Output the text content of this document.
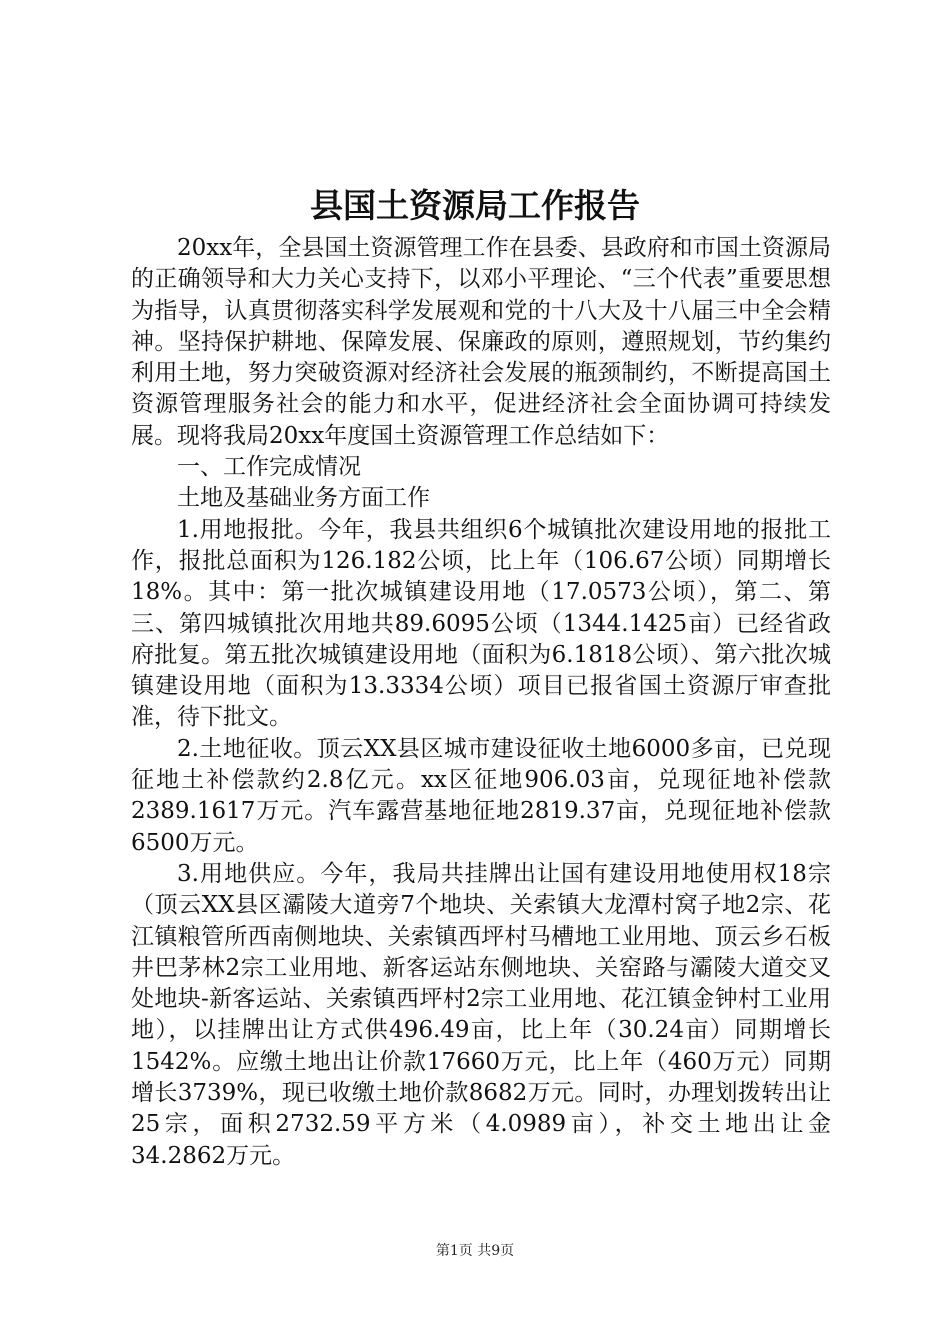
县国土资源局工作报告

20xx年，全县国土资源管理工作在县委、县政府和市国土资源局的正确领导和大力关心支持下，以邓小平理论、“三个代表”重要思想为指导，认真贯彻落实科学发展观和党的十八大及十八届三中全会精神。坚持保护耕地、保障发展、保廉政的原则，遵照规划，节约集约利用土地，努力突破资源对经济社会发展的瓶颈制约，不断提高国土资源管理服务社会的能力和水平，促进经济社会全面协调可持续发展。现将我局20xx年度国土资源管理工作总结如下：

一、工作完成情况

土地及基础业务方面工作

1.用地报批。今年，我县共组织6个城镇批次建设用地的报批工作，报批总面积为126.182公顷，比上年（106.67公顷）同期增长18%。其中：第一批次城镇建设用地（17.0573公顷），第二、第三、第四城镇批次用地共89.6095公顷（1344.1425亩）已经省政府批复。第五批次城镇建设用地（面积为6.1818公顷）、第六批次城镇建设用地（面积为13.3334公顷）项目已报省国土资源厅审查批准，待下批文。

2.土地征收。顶云XX县区城市建设征收土地6000多亩，已兑现征地土补偿款约2.8亿元。xx区征地906.03亩，兑现征地补偿款2389.1617万元。汽车露营基地征地2819.37亩，兑现征地补偿款6500万元。

3.用地供应。今年，我局共挂牌出让国有建设用地使用权18宗（顶云XX县区灞陵大道旁7个地块、关索镇大龙潭村窝子地2宗、花江镇粮管所西南侧地块、关索镇西坪村马槽地工业用地、顶云乡石板井巴茅林2宗工业用地、新客运站东侧地块、关窑路与灞陵大道交叉处地块-新客运站、关索镇西坪村2宗工业用地、花江镇金钟村工业用地），以挂牌出让方式供496.49亩，比上年（30.24亩）同期增长1542%。应缴土地出让价款17660万元，比上年（460万元）同期增长3739%，现已收缴土地价款8682万元。同时，办理划拨转出让25宗，面积2732.59平方米（4.0989亩），补交土地出让金34.2862万元。

第1页 共9页
